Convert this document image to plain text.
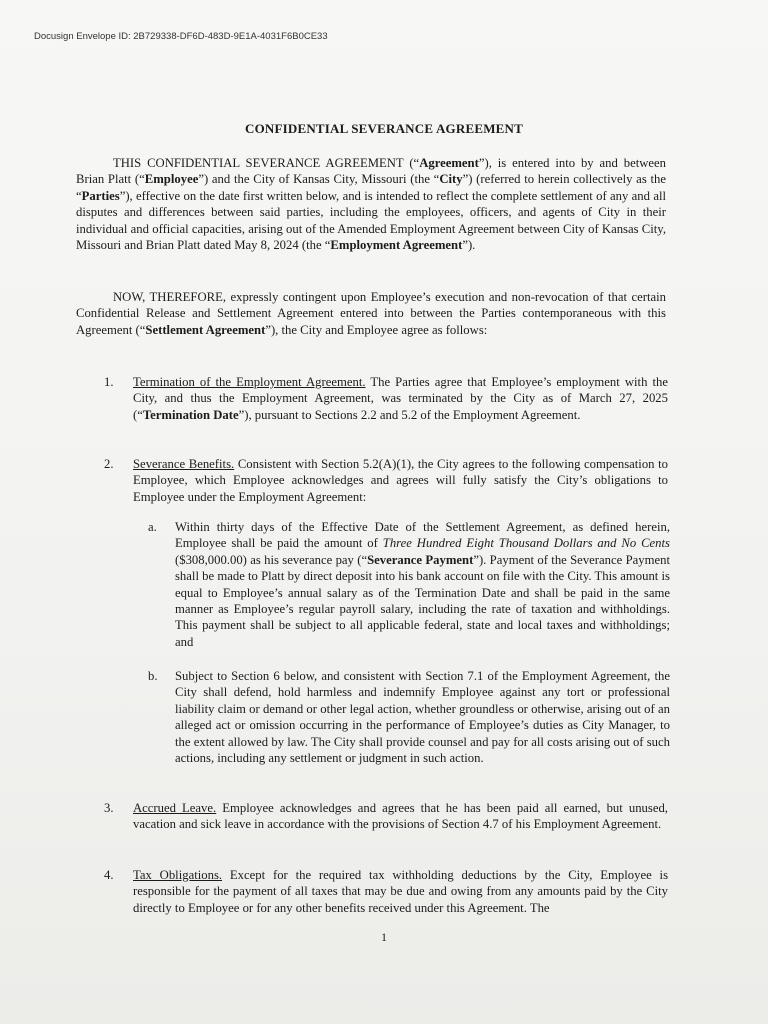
Docusign Envelope ID: 2B729338-DF6D-483D-9E1A-4031F6B0CE33
CONFIDENTIAL SEVERANCE AGREEMENT
THIS CONFIDENTIAL SEVERANCE AGREEMENT (“Agreement”), is entered into by and between Brian Platt (“Employee”) and the City of Kansas City, Missouri (the “City”) (referred to herein collectively as the “Parties”), effective on the date first written below, and is intended to reflect the complete settlement of any and all disputes and differences between said parties, including the employees, officers, and agents of City in their individual and official capacities, arising out of the Amended Employment Agreement between City of Kansas City, Missouri and Brian Platt dated May 8, 2024 (the “Employment Agreement”).
NOW, THEREFORE, expressly contingent upon Employee’s execution and non-revocation of that certain Confidential Release and Settlement Agreement entered into between the Parties contemporaneous with this Agreement (“Settlement Agreement”), the City and Employee agree as follows:
1. Termination of the Employment Agreement. The Parties agree that Employee’s employment with the City, and thus the Employment Agreement, was terminated by the City as of March 27, 2025 (“Termination Date”), pursuant to Sections 2.2 and 5.2 of the Employment Agreement.
2. Severance Benefits. Consistent with Section 5.2(A)(1), the City agrees to the following compensation to Employee, which Employee acknowledges and agrees will fully satisfy the City’s obligations to Employee under the Employment Agreement:
a. Within thirty days of the Effective Date of the Settlement Agreement, as defined herein, Employee shall be paid the amount of Three Hundred Eight Thousand Dollars and No Cents ($308,000.00) as his severance pay (“Severance Payment”). Payment of the Severance Payment shall be made to Platt by direct deposit into his bank account on file with the City. This amount is equal to Employee’s annual salary as of the Termination Date and shall be paid in the same manner as Employee’s regular payroll salary, including the rate of taxation and withholdings. This payment shall be subject to all applicable federal, state and local taxes and withholdings; and
b. Subject to Section 6 below, and consistent with Section 7.1 of the Employment Agreement, the City shall defend, hold harmless and indemnify Employee against any tort or professional liability claim or demand or other legal action, whether groundless or otherwise, arising out of an alleged act or omission occurring in the performance of Employee’s duties as City Manager, to the extent allowed by law. The City shall provide counsel and pay for all costs arising out of such actions, including any settlement or judgment in such action.
3. Accrued Leave. Employee acknowledges and agrees that he has been paid all earned, but unused, vacation and sick leave in accordance with the provisions of Section 4.7 of his Employment Agreement.
4. Tax Obligations. Except for the required tax withholding deductions by the City, Employee is responsible for the payment of all taxes that may be due and owing from any amounts paid by the City directly to Employee or for any other benefits received under this Agreement. The
1
